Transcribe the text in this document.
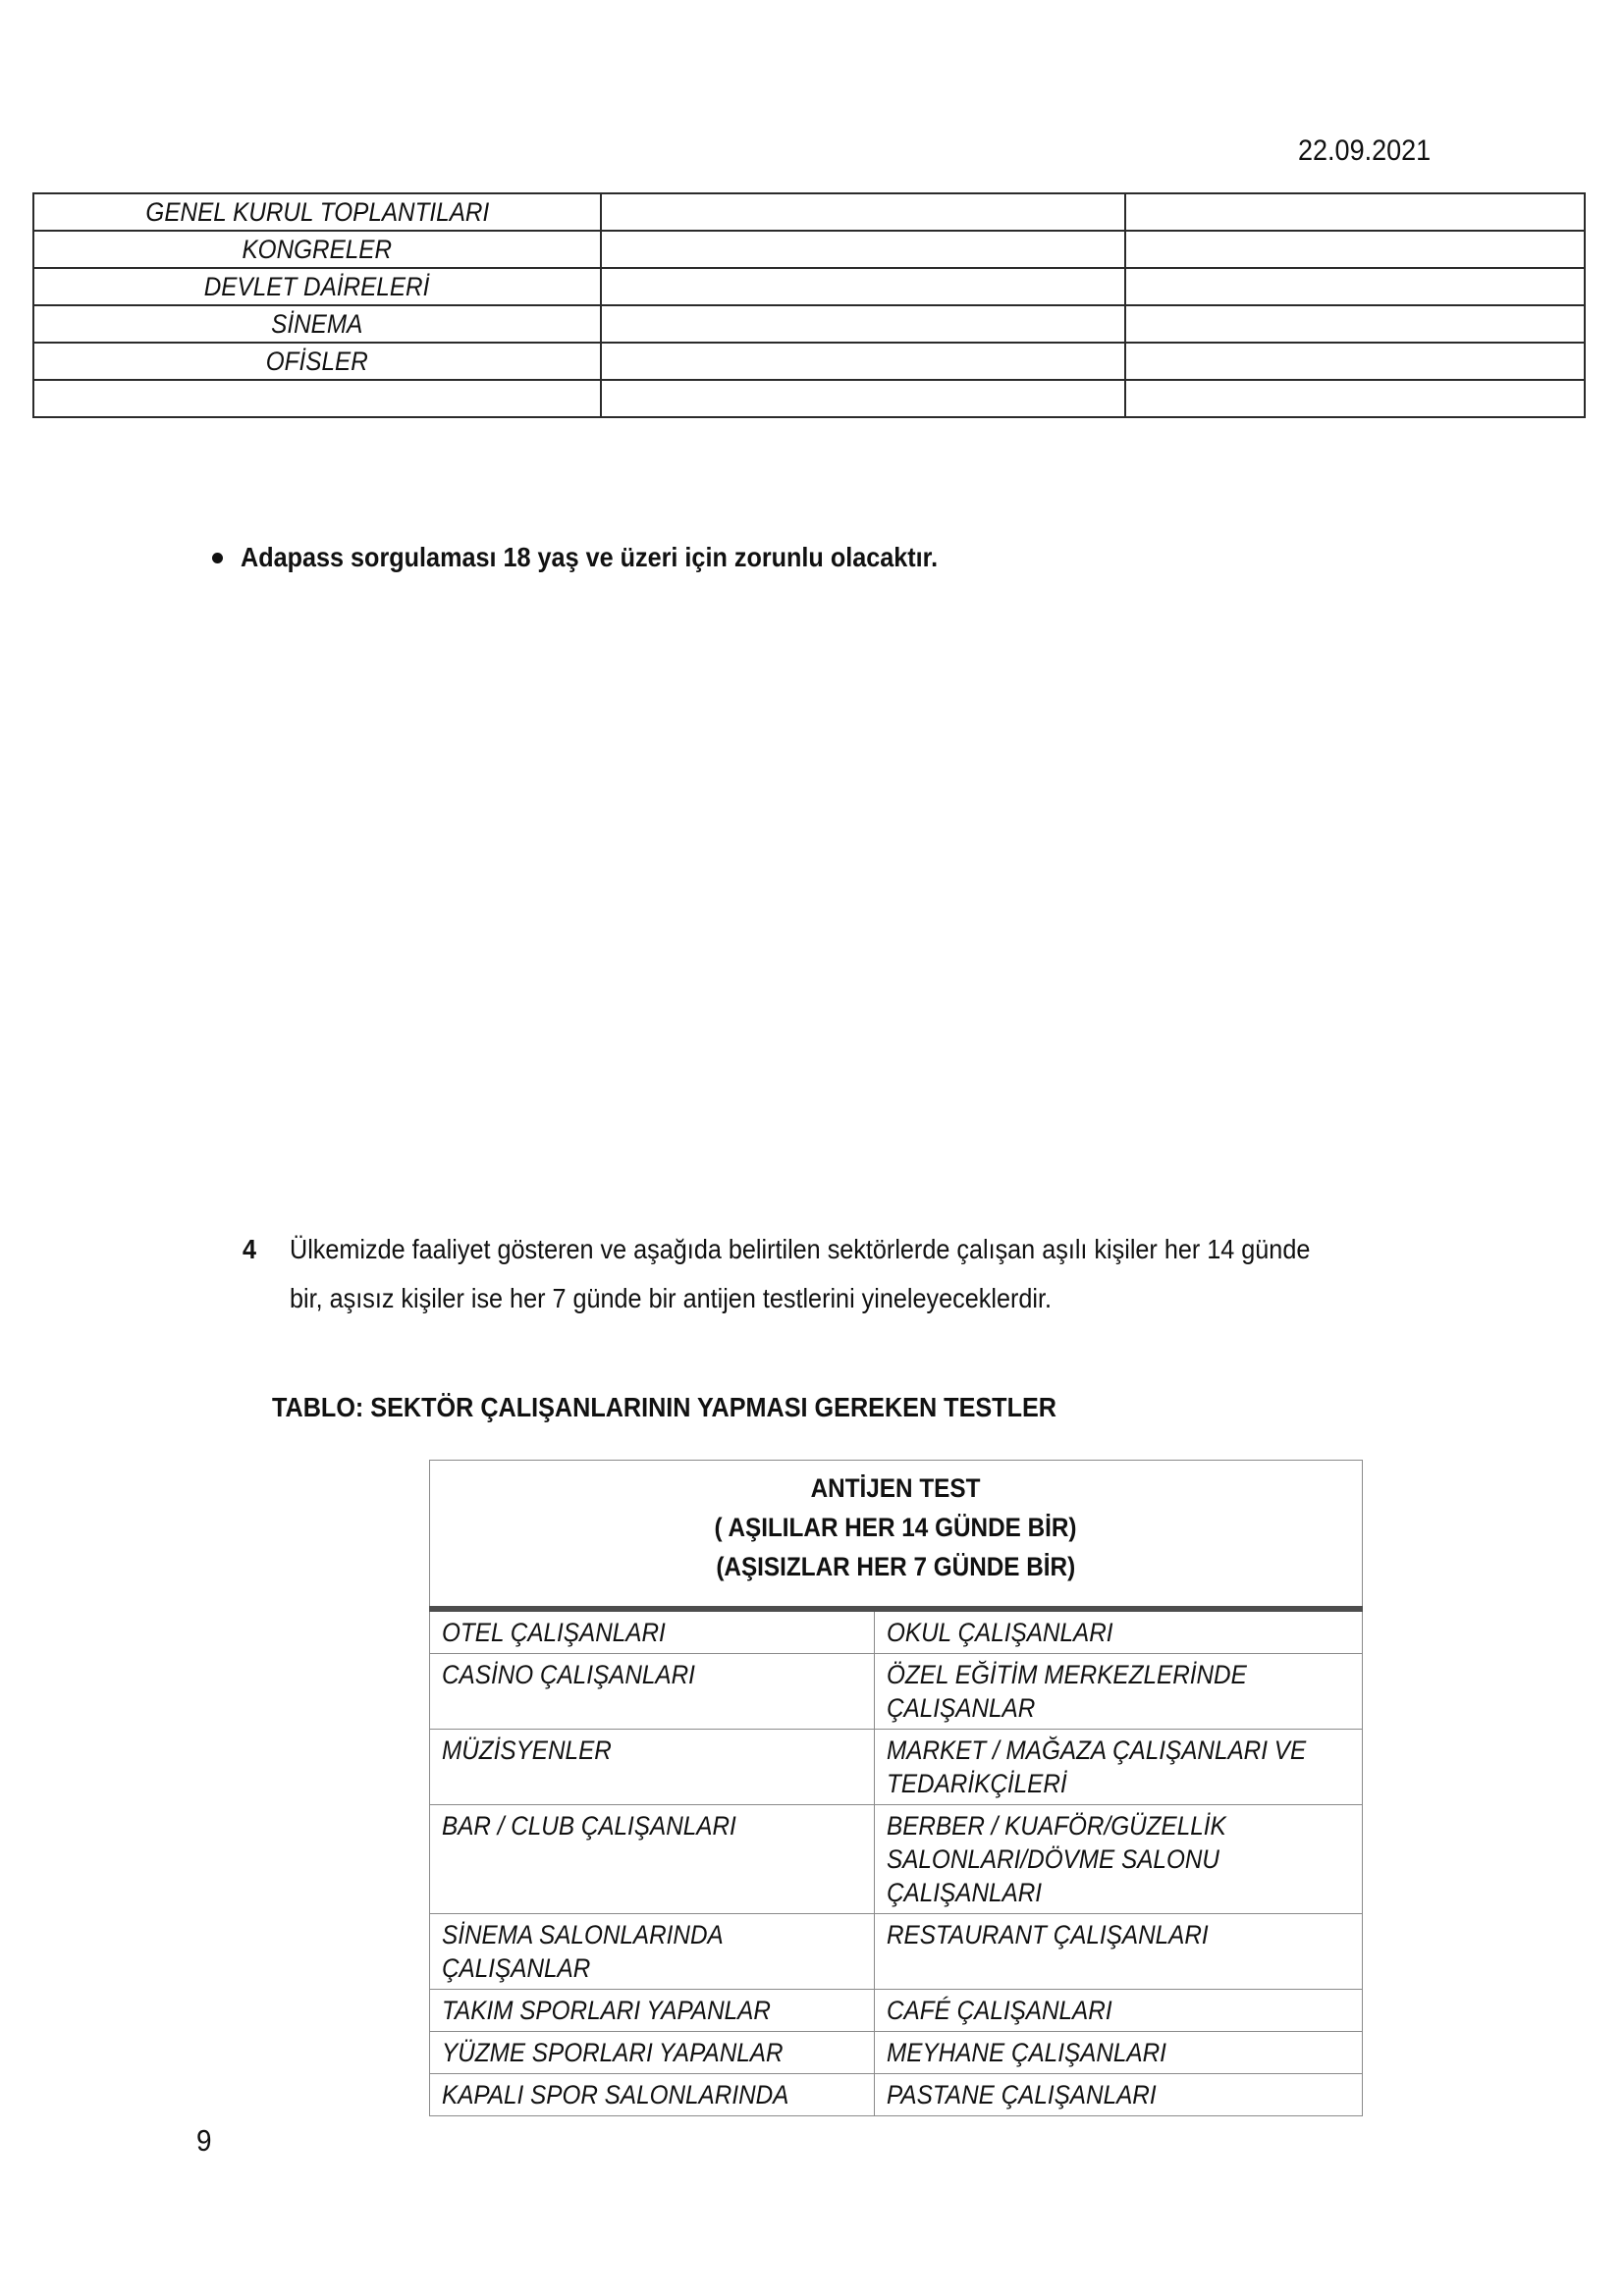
22.09.2021
GENEL KURUL TOPLANTILARI		
KONGRELER		
DEVLET DAİRELERİ		
SİNEMA		
OFİSLER		

Adapass sorgulaması 18 yaş ve üzeri için zorunlu olacaktır.
4	Ülkemizde faaliyet gösteren ve aşağıda belirtilen sektörlerde çalışan aşılı kişiler her 14 günde
bir, aşısız kişiler ise her 7 günde bir antijen testlerini yineleyeceklerdir.
TABLO: SEKTÖR ÇALIŞANLARININ YAPMASI GEREKEN TESTLER
ANTİJEN TEST
( AŞILILAR HER 14 GÜNDE BİR)
(AŞISIZLAR HER 7 GÜNDE BİR)	

OTEL ÇALIŞANLARI	OKUL ÇALIŞANLARI

CASİNO ÇALIŞANLARI	ÖZEL EĞİTİM MERKEZLERİNDE ÇALIŞANLAR

MÜZİSYENLER	MARKET / MAĞAZA ÇALIŞANLARI VE TEDARİKÇİLERİ

BAR / CLUB ÇALIŞANLARI	BERBER / KUAFÖR/GÜZELLİK SALONLARI/DÖVME SALONU ÇALIŞANLARI

SİNEMA SALONLARINDA ÇALIŞANLAR	RESTAURANT ÇALIŞANLARI

TAKIM SPORLARI YAPANLAR	CAFÉ ÇALIŞANLARI

YÜZME SPORLARI YAPANLAR	MEYHANE ÇALIŞANLARI

KAPALI SPOR SALONLARINDA	PASTANE ÇALIŞANLARI
9
